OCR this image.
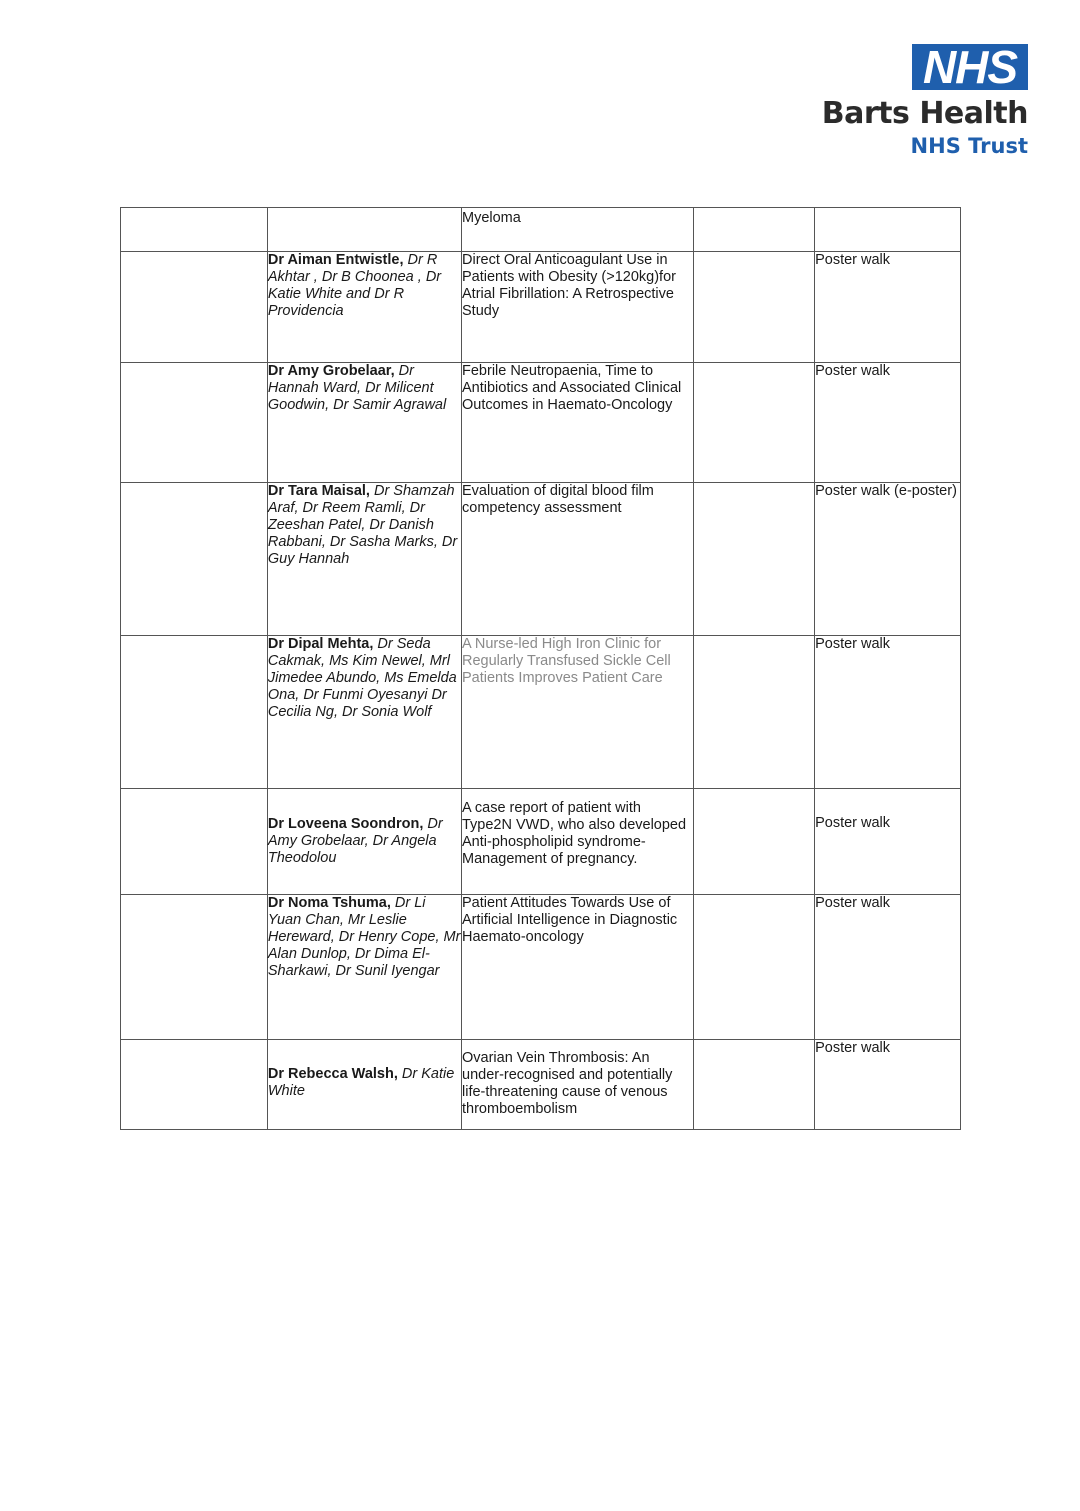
NHS
Barts Health
NHS Trust
		Myeloma		
	Dr Aiman Entwistle, Dr R Akhtar , Dr B Choonea , Dr Katie White and Dr R Providencia	Direct Oral Anticoagulant Use in Patients with Obesity (>120kg)for Atrial Fibrillation: A Retrospective Study		Poster walk
	Dr Amy Grobelaar, Dr Hannah Ward, Dr Milicent Goodwin, Dr Samir Agrawal	Febrile Neutropaenia, Time to Antibiotics and Associated Clinical Outcomes in Haemato-Oncology		Poster walk
	Dr Tara Maisal, Dr Shamzah Araf, Dr Reem Ramli, Dr Zeeshan Patel, Dr Danish Rabbani, Dr Sasha Marks, Dr Guy Hannah	Evaluation of digital blood film competency assessment		Poster walk (e-poster)
	Dr Dipal Mehta, Dr Seda Cakmak, Ms Kim Newel, Mrl Jimedee Abundo, Ms Emelda Ona, Dr Funmi Oyesanyi Dr Cecilia Ng, Dr Sonia Wolf	A Nurse-led High Iron Clinic for Regularly Transfused Sickle Cell Patients Improves Patient Care		Poster walk
	Dr Loveena Soondron, Dr Amy Grobelaar, Dr Angela Theodolou	A case report of patient with Type2N VWD, who also developed Anti-phospholipid syndrome-Management of pregnancy.		Poster walk
	Dr Noma Tshuma, Dr Li Yuan Chan, Mr Leslie Hereward, Dr Henry Cope, Mr Alan Dunlop, Dr Dima El-Sharkawi, Dr Sunil Iyengar	Patient Attitudes Towards Use of Artificial Intelligence in Diagnostic Haemato-oncology		Poster walk
	Dr Rebecca Walsh, Dr Katie White	Ovarian Vein Thrombosis: An under-recognised and potentially life-threatening cause of venous thromboembolism		Poster walk
